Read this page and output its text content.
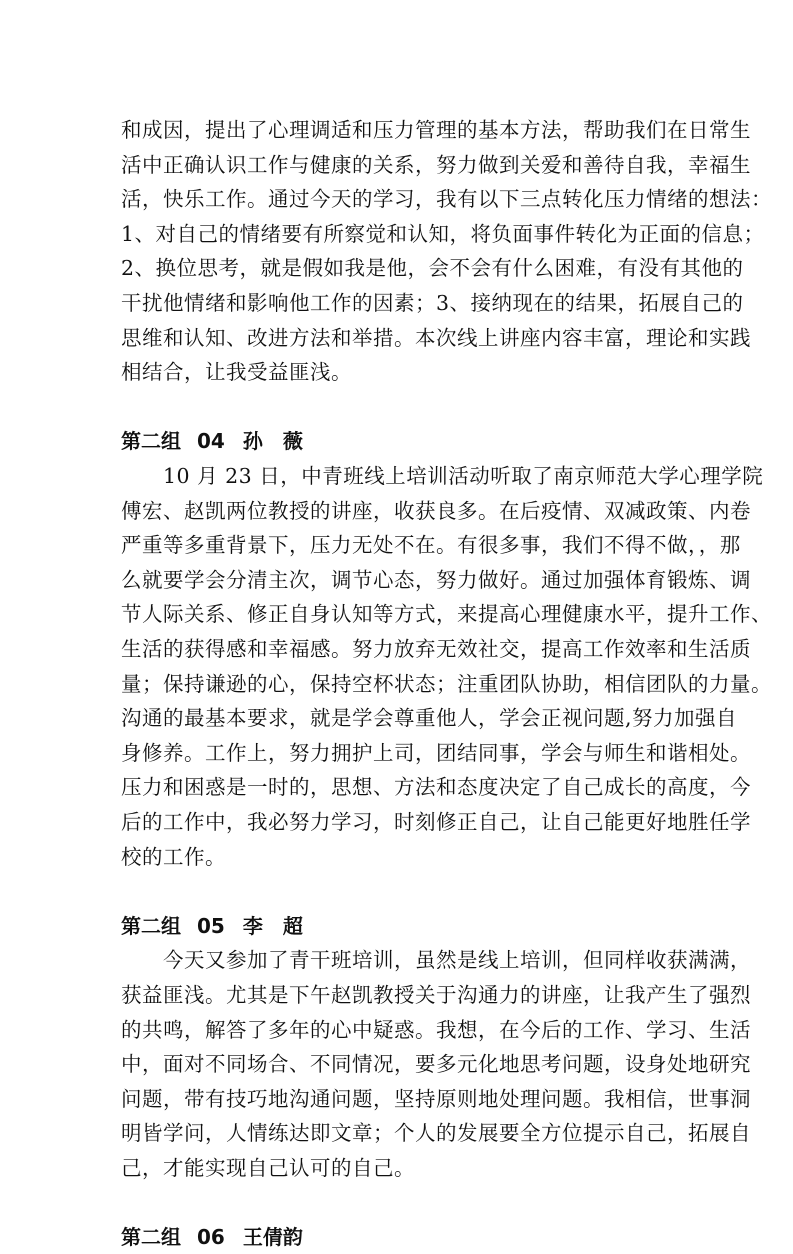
和成因，提出了心理调适和压力管理的基本方法，帮助我们在日常生
活中正确认识工作与健康的关系，努力做到关爱和善待自我，幸福生
活，快乐工作。通过今天的学习，我有以下三点转化压力情绪的想法：
1、对自己的情绪要有所察觉和认知，将负面事件转化为正面的信息；
2、换位思考，就是假如我是他，会不会有什么困难，有没有其他的
干扰他情绪和影响他工作的因素；3、接纳现在的结果，拓展自己的
思维和认知、改进方法和举措。本次线上讲座内容丰富，理论和实践
相结合，让我受益匪浅。
第二组 04 孙　薇
　　10 月 23 日，中青班线上培训活动听取了南京师范大学心理学院
傅宏、赵凯两位教授的讲座，收获良多。在后疫情、双减政策、内卷
严重等多重背景下，压力无处不在。有很多事，我们不得不做，，那
么就要学会分清主次，调节心态，努力做好。通过加强体育锻炼、调
节人际关系、修正自身认知等方式，来提高心理健康水平，提升工作、
生活的获得感和幸福感。努力放弃无效社交，提高工作效率和生活质
量；保持谦逊的心，保持空杯状态；注重团队协助，相信团队的力量。
沟通的最基本要求，就是学会尊重他人，学会正视问题,努力加强自
身修养。工作上，努力拥护上司，团结同事，学会与师生和谐相处。
压力和困惑是一时的，思想、方法和态度决定了自己成长的高度，今
后的工作中，我必努力学习，时刻修正自己，让自己能更好地胜任学
校的工作。
第二组 05 李　超
　　今天又参加了青干班培训，虽然是线上培训，但同样收获满满，
获益匪浅。尤其是下午赵凯教授关于沟通力的讲座，让我产生了强烈
的共鸣，解答了多年的心中疑惑。我想，在今后的工作、学习、生活
中，面对不同场合、不同情况，要多元化地思考问题，设身处地研究
问题，带有技巧地沟通问题，坚持原则地处理问题。我相信，世事洞
明皆学问，人情练达即文章；个人的发展要全方位提示自己，拓展自
己，才能实现自己认可的自己。
第二组 06 王倩韵
